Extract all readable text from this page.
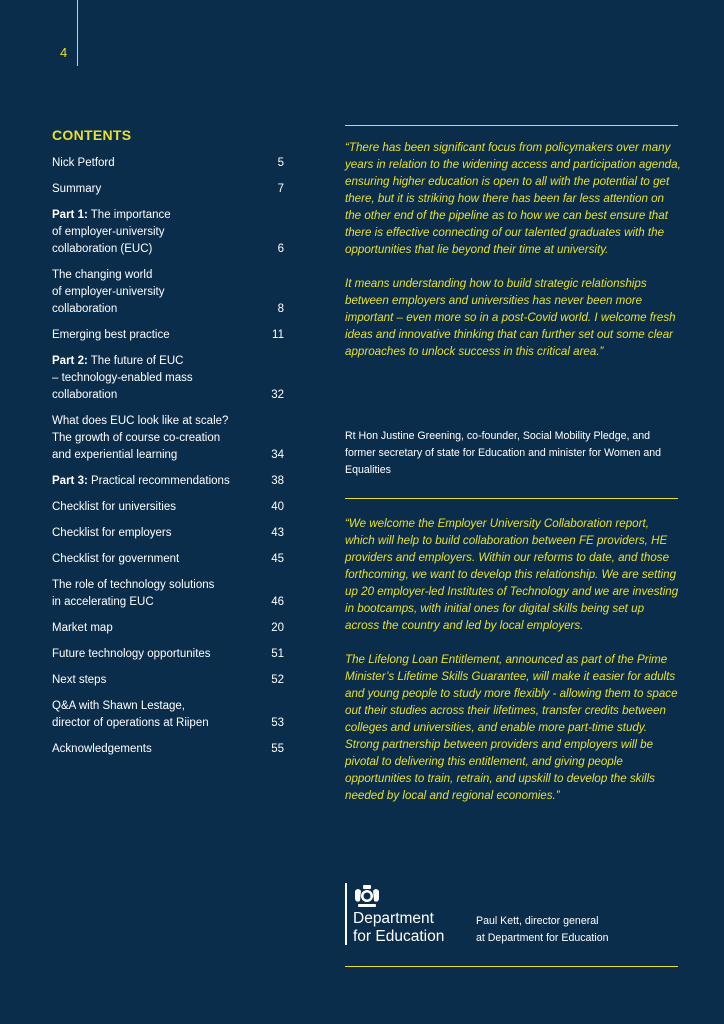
4
CONTENTS
Nick Petford	5
Summary	7
Part 1: The importance
of employer-university
collaboration (EUC)	6
The changing world
of employer-university
collaboration	8
Emerging best practice	11
Part 2: The future of EUC
– technology-enabled mass
collaboration	32
What does EUC look like at scale?
The growth of course co-creation
and experiential learning	34
Part 3: Practical recommendations	38
Checklist for universities	40
Checklist for employers	43
Checklist for government	45
The role of technology solutions
in accelerating EUC	46
Market map	20
Future technology opportunites	51
Next steps	52
Q&A with Shawn Lestage,
director of operations at Riipen	53
Acknowledgements	55

“There has been significant focus from policymakers over many years in relation to the widening access and participation agenda, ensuring higher education is open to all with the potential to get there, but it is striking how there has been far less attention on the other end of the pipeline as to how we can best ensure that there is effective connecting of our talented graduates with the opportunities that lie beyond their time at university.

It means understanding how to build strategic relationships between employers and universities has never been more important – even more so in a post-Covid world. I welcome fresh ideas and innovative thinking that can further set out some clear approaches to unlock success in this critical area.”

Rt Hon Justine Greening, co-founder, Social Mobility Pledge, and former secretary of state for Education and minister for Women and Equalities

“We welcome the Employer University Collaboration report, which will help to build collaboration between FE providers, HE providers and employers. Within our reforms to date, and those forthcoming, we want to develop this relationship. We are setting up 20 employer-led Institutes of Technology and we are investing in bootcamps, with initial ones for digital skills being set up across the country and led by local employers.

The Lifelong Loan Entitlement, announced as part of the Prime Minister’s Lifetime Skills Guarantee, will make it easier for adults and young people to study more flexibly - allowing them to space out their studies across their lifetimes, transfer credits between colleges and universities, and enable more part-time study. Strong partnership between providers and employers will be pivotal to delivering this entitlement, and giving people opportunities to train, retrain, and upskill to develop the skills needed by local and regional economies.”

Department
for Education
Paul Kett, director general
at Department for Education
